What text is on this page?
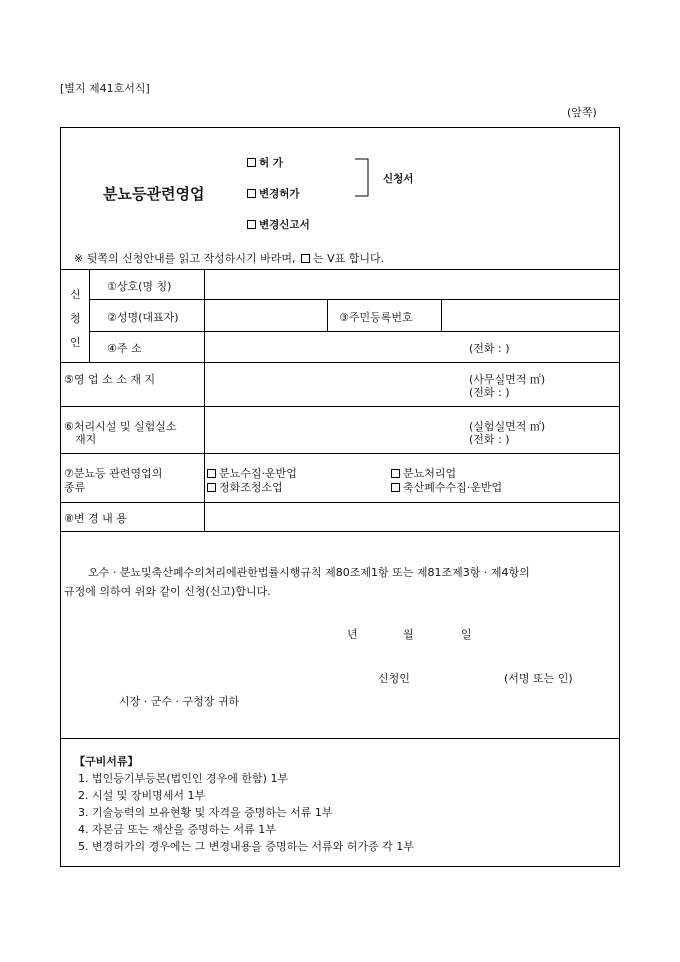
[별지 제41호서식]
(앞쪽)
분뇨등관련영업
허 가
변경허가
변경신고서
신청서
※ 뒷쪽의 신청안내를 읽고 작성하시기 바라며, 는 V표 합니다.
신
청
인
①상호(명 칭)
②성명(대표자)	③주민등록번호
④주 소	(전화 : )
⑤영 업 소 소 재 지	(사무실면적 ㎡)
(전화 : )
⑥처리시설 및 실험실소
재지
(실험실면적 ㎡)
(전화 : )
⑦분뇨등 관련영업의
종류
분뇨수집·운반업	분뇨처리업
정화조청소업	축산폐수수집·운반업
⑧변 경 내 용
오수 · 분뇨및축산폐수의처리에관한법률시행규칙 제80조제1항 또는 제81조제3항 · 제4항의
규정에 의하여 위와 같이 신청(신고)합니다.
년	월	일
신청인	(서명 또는 인)
시장 · 군수 · 구청장 귀하
【구비서류】
1. 법인등기부등본(법인인 경우에 한함) 1부
2. 시설 및 장비명세서 1부
3. 기술능력의 보유현황 및 자격을 증명하는 서류 1부
4. 자본금 또는 재산을 증명하는 서류 1부
5. 변경허가의 경우에는 그 변경내용을 증명하는 서류와 허가증 각 1부
